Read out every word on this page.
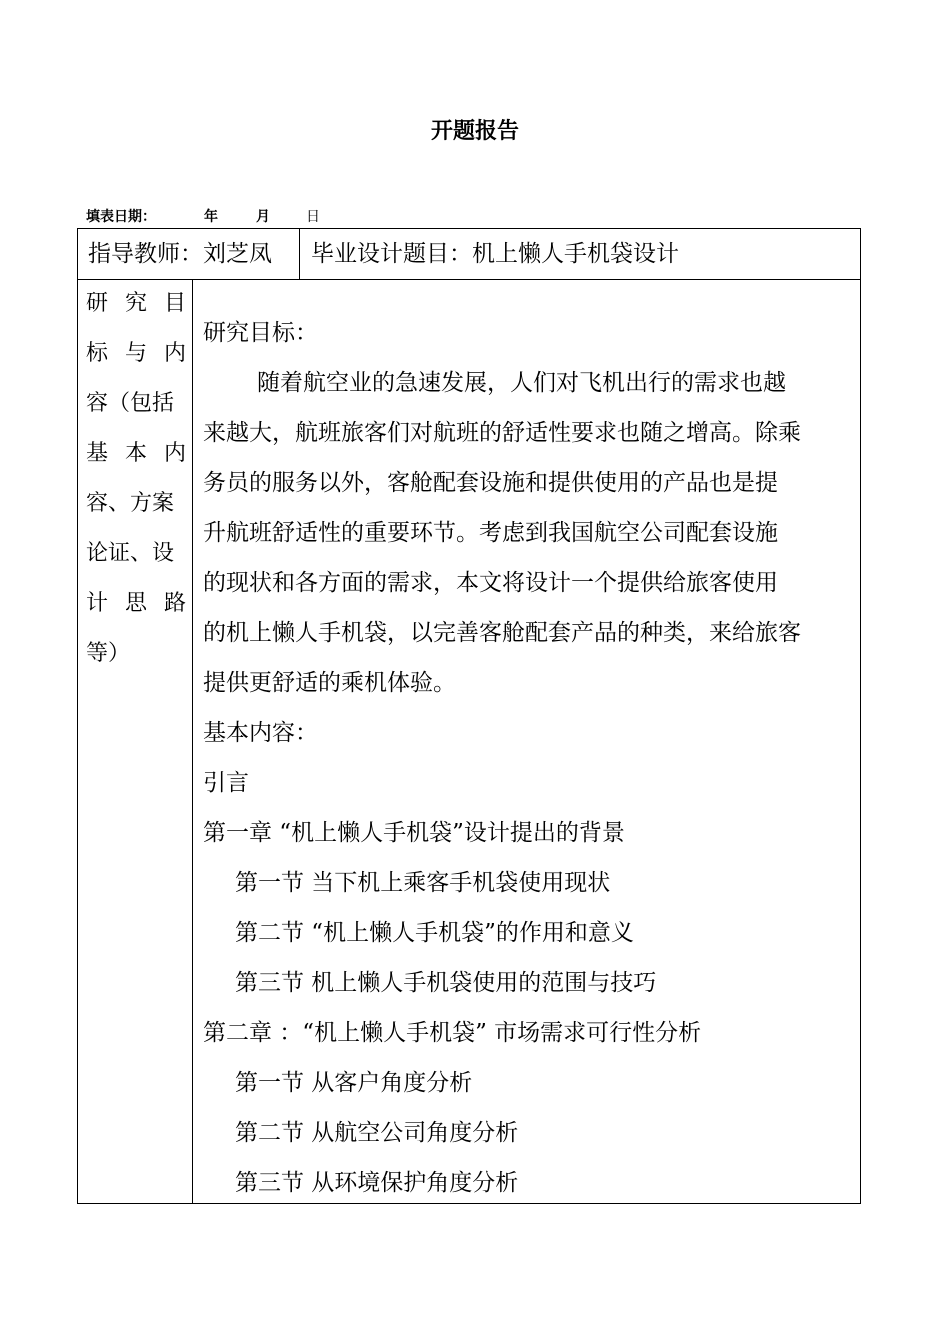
开题报告
填表日期：	年	月	日
指导教师：刘芝凤 毕业设计题目：机上懒人手机袋设计
研 究 目
标 与 内
容（包括
基 本 内
容、方案
论证、设
计 思 路
等）
研究目标：
随着航空业的急速发展，人们对飞机出行的需求也越
来越大，航班旅客们对航班的舒适性要求也随之增高。除乘
务员的服务以外，客舱配套设施和提供使用的产品也是提
升航班舒适性的重要环节。考虑到我国航空公司配套设施
的现状和各方面的需求，本文将设计一个提供给旅客使用
的机上懒人手机袋，以完善客舱配套产品的种类，来给旅客
提供更舒适的乘机体验。
基本内容：
引言
第一章 “机上懒人手机袋”设计提出的背景
第一节 当下机上乘客手机袋使用现状
第二节 “机上懒人手机袋”的作用和意义
第三节 机上懒人手机袋使用的范围与技巧
第二章 ：“机上懒人手机袋” 市场需求可行性分析
第一节 从客户角度分析
第二节 从航空公司角度分析
第三节 从环境保护角度分析
